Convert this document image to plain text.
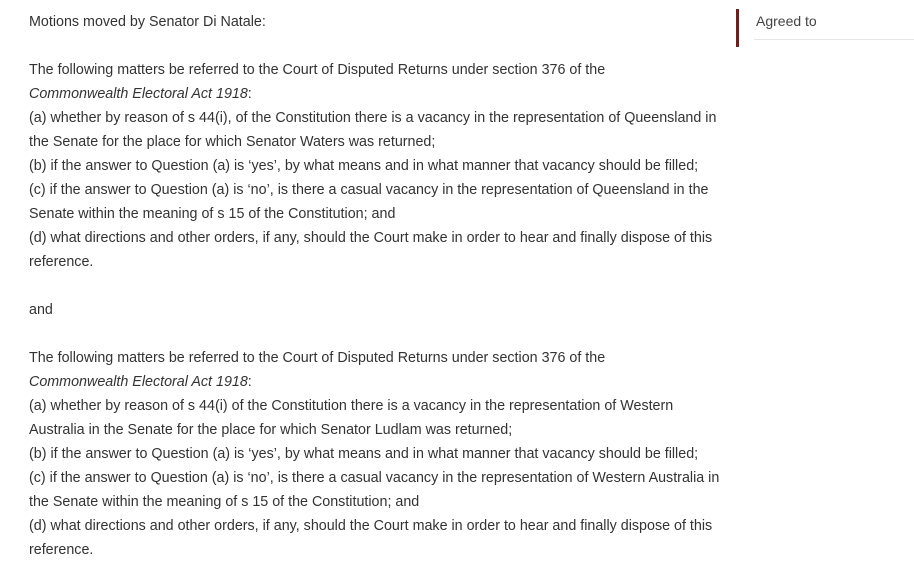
Motions moved by Senator Di Natale:

The following matters be referred to the Court of Disputed Returns under section 376 of the

Commonwealth Electoral Act 1918:

(a) whether by reason of s 44(i), of the Constitution there is a vacancy in the representation of Queensland in the Senate for the place for which Senator Waters was returned;

(b) if the answer to Question (a) is ‘yes’, by what means and in what manner that vacancy should be filled;

(c) if the answer to Question (a) is ‘no’, is there a casual vacancy in the representation of Queensland in the Senate within the meaning of s 15 of the Constitution; and

(d) what directions and other orders, if any, should the Court make in order to hear and finally dispose of this reference.

and

The following matters be referred to the Court of Disputed Returns under section 376 of the

Commonwealth Electoral Act 1918:

(a) whether by reason of s 44(i) of the Constitution there is a vacancy in the representation of Western Australia in the Senate for the place for which Senator Ludlam was returned;

(b) if the answer to Question (a) is ‘yes’, by what means and in what manner that vacancy should be filled;

(c) if the answer to Question (a) is ‘no’, is there a casual vacancy in the representation of Western Australia in the Senate within the meaning of s 15 of the Constitution; and

(d) what directions and other orders, if any, should the Court make in order to hear and finally dispose of this reference.

Agreed to
